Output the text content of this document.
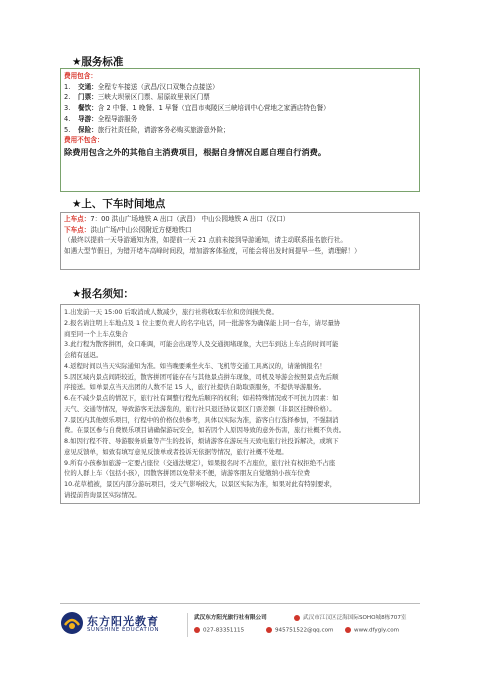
★服务标准
费用包含：
1. 交通：全程专车接送（武昌/汉口双集合点接送）
2. 门票：三峡大坝景区门票、屈原故里景区门票
3. 餐饮：含 2 中餐、1 晚餐、1 早餐（宜昌市夷陵区三峡培训中心营地之家酒店特色餐）
4. 导游：全程导游服务
5. 保险：旅行社责任险，请游客务必购买旅游意外险；
费用不包含：
除费用包含之外的其他自主消费项目，根据自身情况自愿自理自行消费。
★上、下车时间地点
上车点：7：00 洪山广场地铁 A 出口（武昌） 中山公园地铁 A 出口（汉口）
下车点：洪山广场/中山公园附近方便地铁口
（最终以提前一天导游通知为准，如提前一天 21 点前未接到导游通知，请主动联系报名旅行社。
如遇大型节假日，为错开堵车高峰时间段，增加游客体验度，可能会将出发时间提早一些，请理解！）
★报名须知：
1.出发前一天 15:00 后取消成人数减少，旅行社将收取车位和房间损失费。
2.报名请注明上车地点及 1 位主要负责人的名字电话，同一批游客为确保能上同一台车，请尽量协
商至同一个上车点集合
3.此行程为散客拼团，众口难调，可能会出现等人及交通拥堵现象，大巴车到达上车点的时间可能
会稍有延迟。
4.返程时间以当天实际通知为准。如当晚要乘坐火车、飞机等交通工具离汉的，请谨慎报名！
5.因区域内景点间距较近，散客拼团可能存在与其他景点拼车现象，司机及导游会按照景点先后顺
序接送。如单景点当天出团的人数不足 15 人，旅行社提供自助取票服务，不提供导游服务。
6.在不减少景点的情况下，旅行社有调整行程先后顺序的权利；如若特殊情况或不可抗力因素：如
天气、交通等情况，导致游客无法游览的，旅行社只退还协议景区门票差额（非景区挂牌价格）。
7.景区内其他娱乐项目，行程中的价格仅供参考，具体以实际为准，游客自行选择参加，不强制消
费。在景区参与自费娱乐项目请确保游玩安全，如若因个人原因导致的意外伤害，旅行社概不负责。
8.如因行程不符、导游服务质量等产生的投诉，烦请游客在游玩当天致电旅行社投诉解决，或填下
意见反馈单，如致有填写意见反馈单或者投诉无依据等情况，旅行社概不处理。
9.所有小孩参加旅游一定要占座位（交通法规定），如果报名时不占座位，旅行社有权拒绝不占座
位的人群上车（包括小孩），因散客拼团以免带来不便，请游客朋友自觉缴纳小孩车位费
10.花草植被，景区内部分游玩项目，受天气影响较大，以景区实际为准，如果对此有特别要求，
请提前咨询景区实际情况。
东方阳光教育
SUNSHINE EDUCATION
武汉东方阳光旅行社有限公司	武汉市江汉区泛海国际SOHO城8栋707室
027-83351115	945751522@qq.com	www.dfygly.com
